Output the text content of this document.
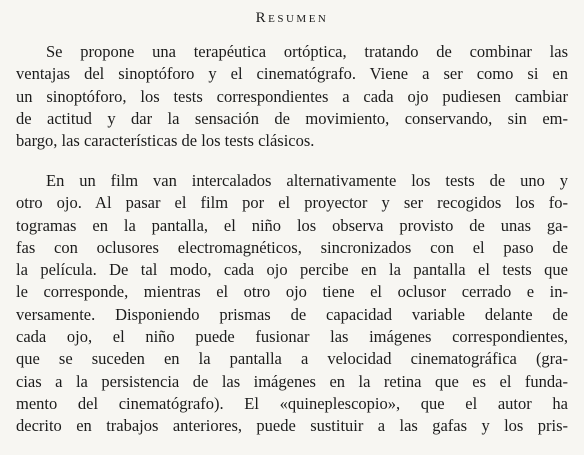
Resumen
Se propone una terapéutica ortóptica, tratando de combinar las
ventajas del sinoptóforo y el cinematógrafo. Viene a ser como si en
un sinoptóforo, los tests correspondientes a cada ojo pudiesen cambiar
de actitud y dar la sensación de movimiento, conservando, sin em-
bargo, las características de los tests clásicos.
En un film van intercalados alternativamente los tests de uno y
otro ojo. Al pasar el film por el proyector y ser recogidos los fo-
togramas en la pantalla, el niño los observa provisto de unas ga-
fas con oclusores electromagnéticos, sincronizados con el paso de
la película. De tal modo, cada ojo percibe en la pantalla el tests que
le corresponde, mientras el otro ojo tiene el oclusor cerrado e in-
versamente. Disponiendo prismas de capacidad variable delante de
cada ojo, el niño puede fusionar las imágenes correspondientes,
que se suceden en la pantalla a velocidad cinematográfica (gra-
cias a la persistencia de las imágenes en la retina que es el funda-
mento del cinematógrafo). El «quineplescopio», que el autor ha
decrito en trabajos anteriores, puede sustituir a las gafas y los pris-
